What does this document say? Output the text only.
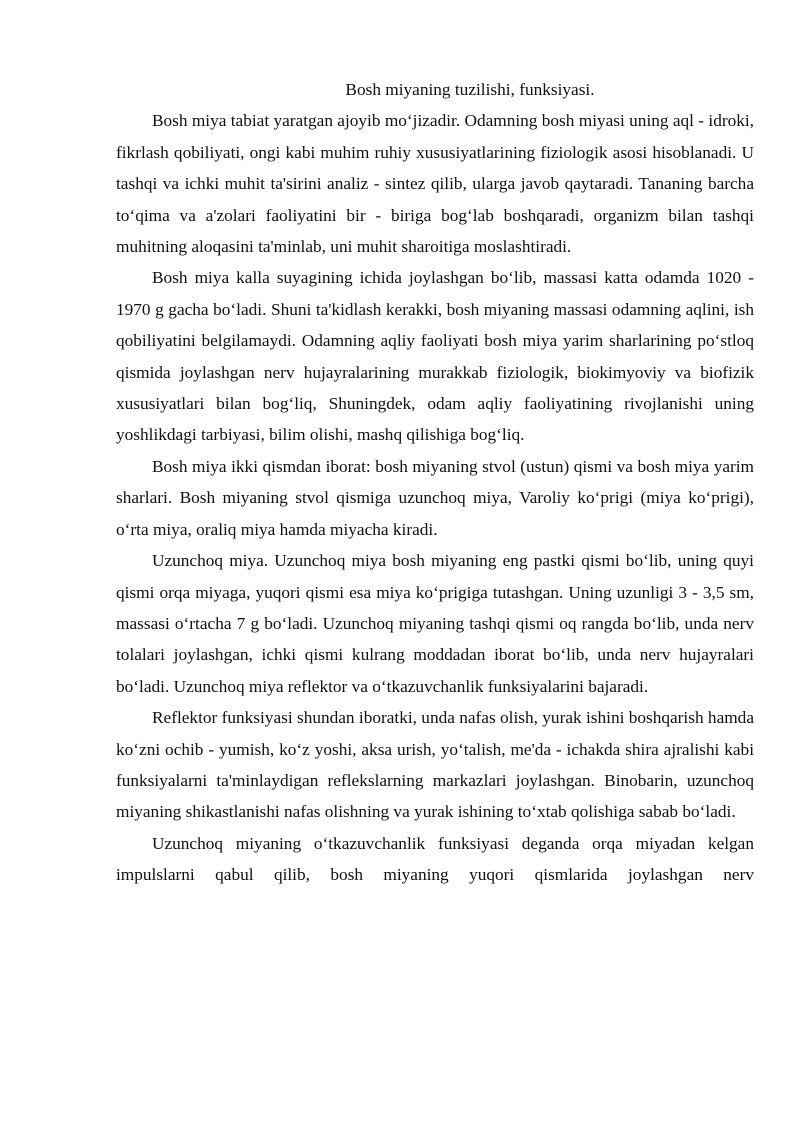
Bosh miyaning tuzilishi, funksiyasi.

Bosh miya tabiat yaratgan ajoyib mo‘jizadir. Odamning bosh miyasi uning aql - idroki, fikrlash qobiliyati, ongi kabi muhim ruhiy xususiyatlarining fiziologik asosi hisoblanadi. U tashqi va ichki muhit ta'sirini analiz - sintez qilib, ularga javob qaytaradi. Tananing barcha to‘qima va a'zolari faoliyatini bir - biriga bog‘lab boshqaradi, organizm bilan tashqi muhitning aloqasini ta'minlab, uni muhit sharoitiga moslashtiradi.

Bosh miya kalla suyagining ichida joylashgan bo‘lib, massasi katta odamda 1020 - 1970 g gacha bo‘ladi. Shuni ta'kidlash kerakki, bosh miyaning massasi odamning aqlini, ish qobiliyatini belgilamaydi. Odamning aqliy faoliyati bosh miya yarim sharlarining po‘stloq qismida joylashgan nerv hujayralarining murakkab fiziologik, biokimyoviy va biofizik xususiyatlari bilan bog‘liq, Shuningdek, odam aqliy faoliyatining rivojlanishi uning yoshlikdagi tarbiyasi, bilim olishi, mashq qilishiga bog‘liq.

Bosh miya ikki qismdan iborat: bosh miyaning stvol (ustun) qismi va bosh miya yarim sharlari. Bosh miyaning stvol qismiga uzunchoq miya, Varoliy ko‘prigi (miya ko‘prigi), o‘rta miya, oraliq miya hamda miyacha kiradi.

Uzunchoq miya. Uzunchoq miya bosh miyaning eng pastki qismi bo‘lib, uning quyi qismi orqa miyaga, yuqori qismi esa miya ko‘prigiga tutashgan. Uning uzunligi 3 - 3,5 sm, massasi o‘rtacha 7 g bo‘ladi. Uzunchoq miyaning tashqi qismi oq rangda bo‘lib, unda nerv tolalari joylashgan, ichki qismi kulrang moddadan iborat bo‘lib, unda nerv hujayralari bo‘ladi. Uzunchoq miya reflektor va o‘tkazuvchanlik funksiyalarini bajaradi.

Reflektor funksiyasi shundan iboratki, unda nafas olish, yurak ishini boshqarish hamda ko‘zni ochib - yumish, ko‘z yoshi, aksa urish, yo‘talish, me'da - ichakda shira ajralishi kabi funksiyalarni ta'minlaydigan reflekslarning markazlari joylashgan. Binobarin, uzunchoq miyaning shikastlanishi nafas olishning va yurak ishining to‘xtab qolishiga sabab bo‘ladi.

Uzunchoq miyaning o‘tkazuvchanlik funksiyasi deganda orqa miyadan kelgan impulslarni qabul qilib, bosh miyaning yuqori qismlarida joylashgan nerv
